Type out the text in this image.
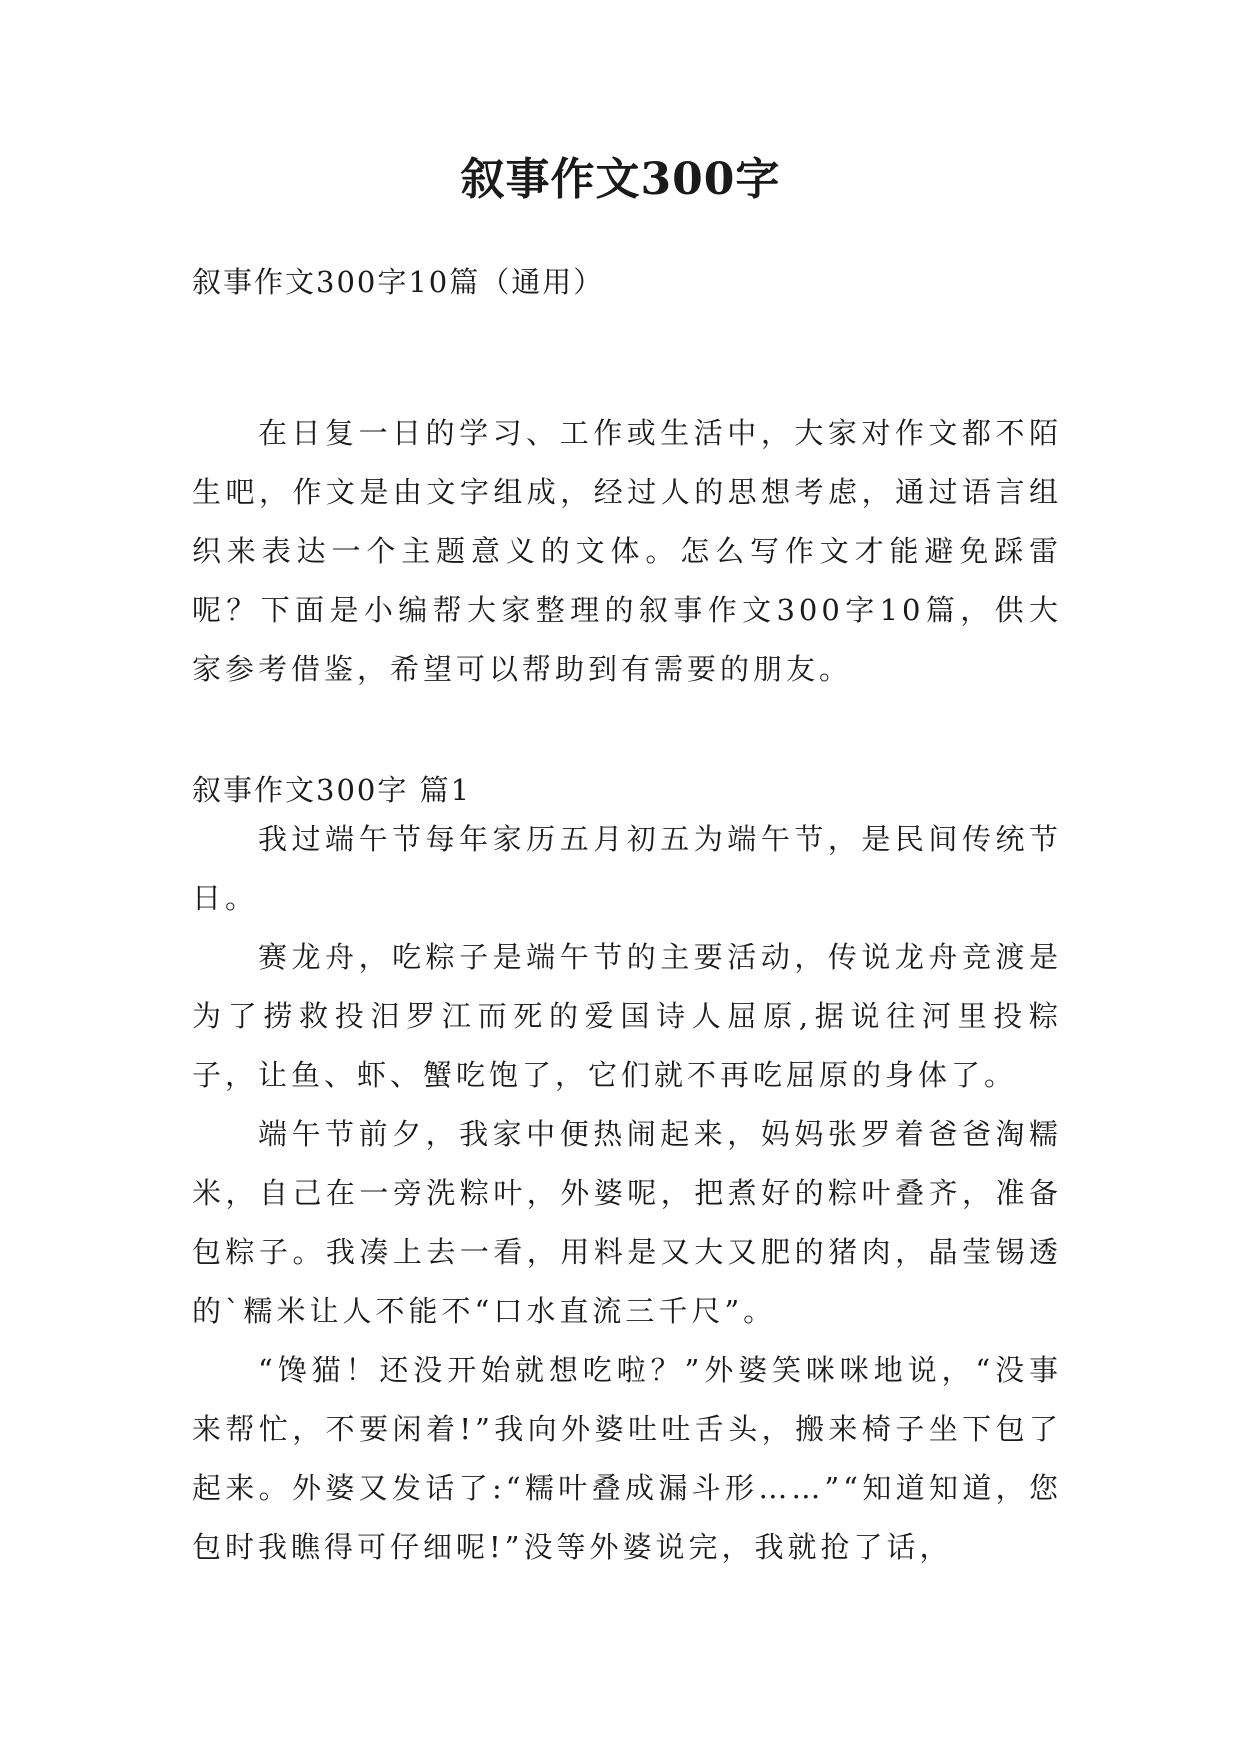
叙事作文300字
叙事作文300字10篇（通用）

在日复一日的学习、工作或生活中，大家对作文都不陌生吧，作文是由文字组成，经过人的思想考虑，通过语言组织来表达一个主题意义的文体。怎么写作文才能避免踩雷呢？下面是小编帮大家整理的叙事作文300字10篇，供大家参考借鉴，希望可以帮助到有需要的朋友。

叙事作文300字 篇1

我过端午节每年家历五月初五为端午节，是民间传统节日。

赛龙舟，吃粽子是端午节的主要活动，传说龙舟竞渡是为了捞救投汨罗江而死的爱国诗人屈原,据说往河里投粽子，让鱼、虾、蟹吃饱了，它们就不再吃屈原的身体了。

端午节前夕，我家中便热闹起来，妈妈张罗着爸爸淘糯米，自己在一旁洗粽叶，外婆呢，把煮好的粽叶叠齐，准备包粽子。我凑上去一看，用料是又大又肥的猪肉，晶莹锡透的`糯米让人不能不“口水直流三千尺”。

“馋猫！还没开始就想吃啦？”外婆笑咪咪地说，“没事来帮忙，不要闲着!”我向外婆吐吐舌头，搬来椅子坐下包了起来。外婆又发话了:“糯叶叠成漏斗形……”“知道知道，您包时我瞧得可仔细呢!”没等外婆说完，我就抢了话，
